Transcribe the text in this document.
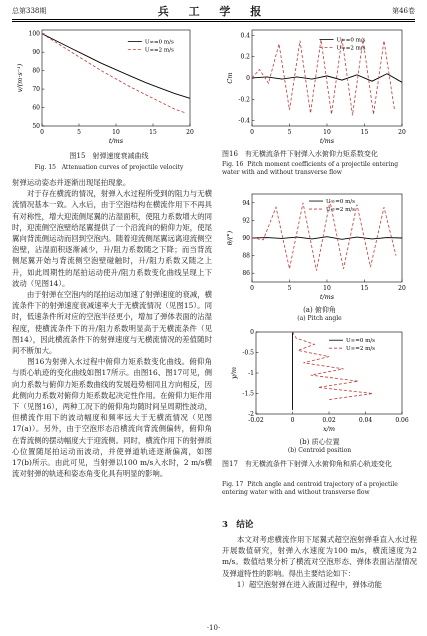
总第338期	兵 工 学 报	第46卷
0	5	10	15	20
50
60
70
80
90
100
t/ms
v/(m·s⁻¹)
U∞=0 m/s
U∞=2 m/s
图15　射弹速度衰减曲线
Fig. 15 Attenuation curves of projectile velocity
射弹运动姿态并逐渐出现尾拍现象。
　　对于存在横流的情况，射弹入水过程所受到的阻力与无横流情况基本一致。入水后，由于空泡结构在横流作用下不再具有对称性，增大迎流侧尾翼的沾湿面积，使阻力系数增大的同时，迎流侧空泡壁给尾翼提供了一个沿流向的俯仰力矩，使尾翼向背流侧运动而回到空泡内。随着迎流侧尾翼远离迎流侧空泡壁，沾湿面积逐渐减少，升/阻力系数随之下降；而当背流侧尾翼开始与背流侧空泡壁碰触时，升/阻力系数又随之上升，如此周期性的尾拍运动使升/阻力系数变化曲线呈现上下波动（见图14）。
　　由于射弹在空泡内的尾拍运动加速了射弹速度的衰减，横流条件下的射弹速度衰减速率大于无横流情况（见图15）。同时，低速条件所对应的空泡半径更小，增加了弹体表面的沾湿程度，使横流条件下的升/阻力系数明显高于无横流条件（见图14），因此横流条件下的射弹速度与无横流情况的差值随时间不断加大。
　　图16为射弹入水过程中俯仰力矩系数变化曲线。俯仰角与质心轨迹的变化曲线如图17所示。由图16、图17可见，侧向力系数与俯仰力矩系数曲线的发展趋势相同且方向相反，因此侧向力系数对俯仰力矩系数起决定性作用。在俯仰力矩作用下（见图16），两种工况下的俯仰角均随时间呈周期性波动，但横流作用下的波动幅度和频率远大于无横流情况（见图17(a)）。另外，由于空泡形态沿横流向背流侧偏转，俯仰角在背流侧的摆动幅度大于迎流侧。同时，横流作用下的射弹质心位置随尾拍运动而波动，并使弹道轨迹逐渐偏离，如图17(b)所示。由此可见，当射弹以100 m/s入水时，2 m/s横流对射弹的轨迹和姿态角变化具有明显的影响。
0	5	10	15	20
-0.4
-0.2
0
0.2
0.4
t/ms
Cm
U∞=0 m/s
U∞=2 m/s
图16　有无横流条件下射弹入水俯仰力矩系数变化
Fig. 16 Pitch moment coefficients of a projectile entering water with and without transverse flow
0	5	10	15	20
86
88
90
92
94
t/ms
θ/(°)
U∞=0 m/s
U∞=2 m/s
(a) 俯仰角
(a) Pitch angle
-0.02	0	0.02	0.04	0.06
-2
-1.5
-1
-0.5
0
x/m
y/m
U∞=0 m/s
U∞=2 m/s
(b) 质心位置
(b) Centroid position
图17　有无横流条件下射弹入水俯仰角和质心轨迹变化
Fig. 17 Pitch angle and centroid trajectory of a projectile entering water with and without transverse flow
3　结论
　　本文对考虑横流作用下尾翼式超空泡射弹垂直入水过程开展数值研究，射弹入水速度为100 m/s，横流速度为2 m/s。数值结果分析了横流对空泡形态、弹体表面沾湿情况及弹道特性的影响。得出主要结论如下：
　　1）超空泡射弹在进入液面过程中，弹体动能
·10·
